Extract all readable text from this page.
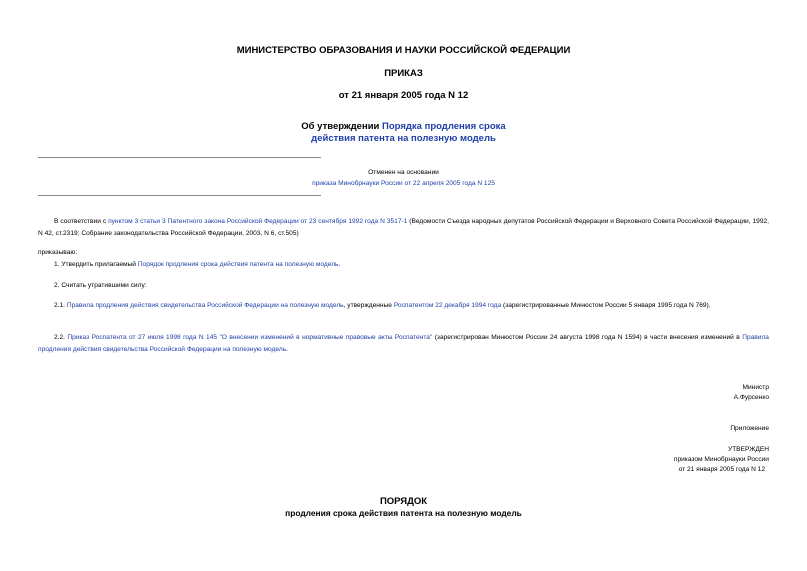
МИНИСТЕРСТВО ОБРАЗОВАНИЯ И НАУКИ РОССИЙСКОЙ ФЕДЕРАЦИИ
ПРИКАЗ
от 21 января 2005 года N 12
Об утверждении Порядка продления срока
действия патента на полезную модель
Отменен на основании
приказа Минобрнауки России от 22 апреля 2005 года N 125
В соответствии с пунктом 3 статьи 3 Патентного закона Российской Федерации от 23 сентября 1992 года N 3517-1 (Ведомости Съезда народных депутатов Российской Федерации и Верховного Совета Российской Федерации, 1992, N 42, ст.2319; Собрание законодательства Российской Федерации, 2003, N 6, ст.505)
приказываю:
1. Утвердить прилагаемый Порядок продления срока действия патента на полезную модель.
2. Считать утратившими силу:
2.1. Правила продления действия свидетельства Российской Федерации на полезную модель, утвержденные Роспатентом 22 декабря 1994 года (зарегистрированные Минюстом России 5 января 1995 года N 769).
2.2. Приказ Роспатента от 27 июля 1998 года N 145 "О внесении изменений в нормативные правовые акты Роспатента" (зарегистрирован Минюстом России 24 августа 1998 года N 1594) в части внесения изменений в Правила продления действия свидетельства Российской Федерации на полезную модель.
Министр
А.Фурсенко
Приложение
УТВЕРЖДЕН
приказом Минобрнауки России
от 21 января 2005 года N 12
ПОРЯДОК
продления срока действия патента на полезную модель
